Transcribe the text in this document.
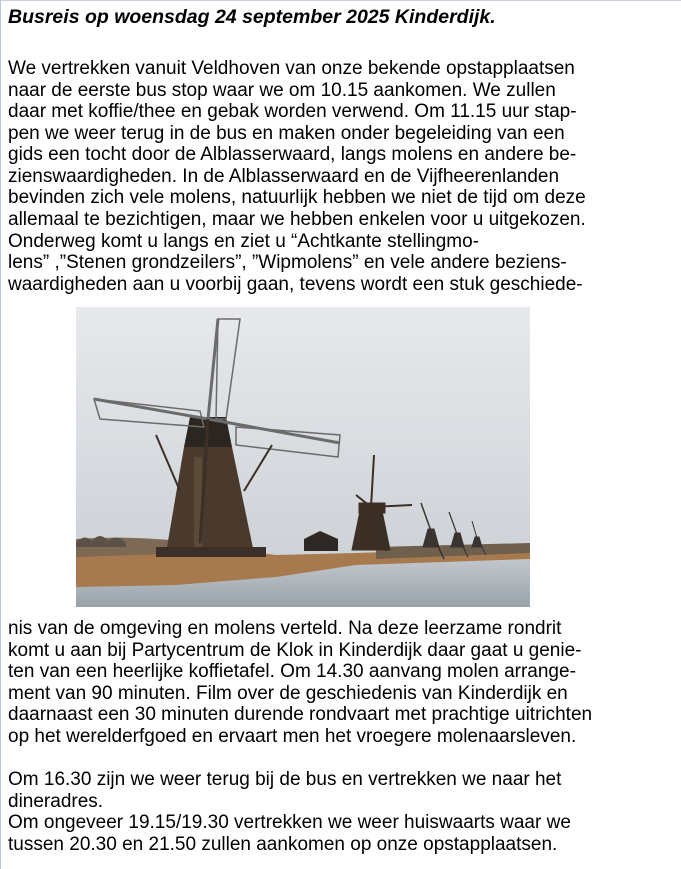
Busreis op woensdag 24 september 2025 Kinderdijk.
We vertrekken vanuit Veldhoven van onze bekende opstapplaatsen
naar de eerste bus stop waar we om 10.15 aankomen. We zullen
daar met koffie/thee en gebak worden verwend. Om 11.15 uur stap-
pen we weer terug in de bus en maken onder begeleiding van een
gids een tocht door de Alblasserwaard, langs molens en andere be-
zienswaardigheden. In de Alblasserwaard en de Vijfheerenlanden
bevinden zich vele molens, natuurlijk hebben we niet de tijd om deze
allemaal te bezichtigen, maar we hebben enkelen voor u uitgekozen.
Onderweg komt u langs en ziet u “Achtkante stellingmo-
lens” ,”Stenen grondzeilers”, ”Wipmolens” en vele andere beziens-
waardigheden aan u voorbij gaan, tevens wordt een stuk geschiede-
nis van de omgeving en molens verteld. Na deze leerzame rondrit
komt u aan bij Partycentrum de Klok in Kinderdijk daar gaat u genie-
ten van een heerlijke koffietafel. Om 14.30 aanvang molen arrange-
ment van 90 minuten. Film over de geschiedenis van Kinderdijk en
daarnaast een 30 minuten durende rondvaart met prachtige uitrichten
op het werelderfgoed en ervaart men het vroegere molenaarsleven.
Om 16.30 zijn we weer terug bij de bus en vertrekken we naar het
dineradres.
Om ongeveer 19.15/19.30 vertrekken we weer huiswaarts waar we
tussen 20.30 en 21.50 zullen aankomen op onze opstapplaatsen.
